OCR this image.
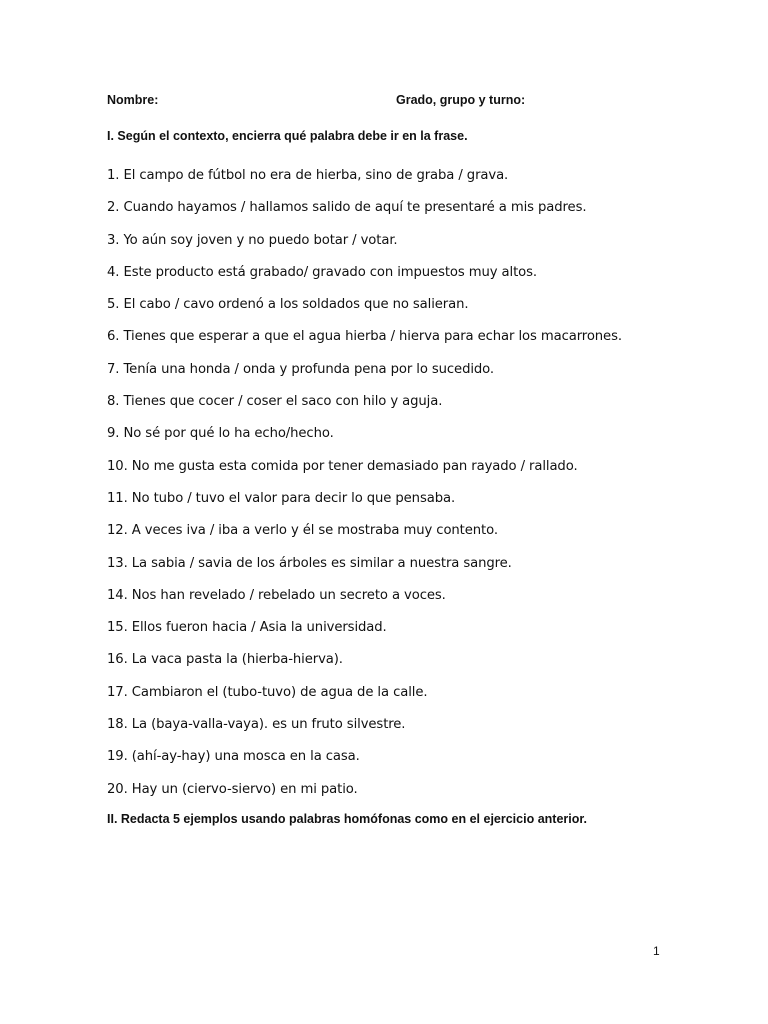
Nombre:	Grado, grupo y turno:
I. Según el contexto, encierra qué palabra debe ir en la frase.
1. El campo de fútbol no era de hierba, sino de graba / grava.
2. Cuando hayamos / hallamos salido de aquí te presentaré a mis padres.
3. Yo aún soy joven y no puedo botar / votar.
4. Este producto está grabado/ gravado con impuestos muy altos.
5. El cabo / cavo ordenó a los soldados que no salieran.
6. Tienes que esperar a que el agua hierba / hierva para echar los macarrones.
7. Tenía una honda / onda y profunda pena por lo sucedido.
8. Tienes que cocer / coser el saco con hilo y aguja.
9. No sé por qué lo ha echo/hecho.
10. No me gusta esta comida por tener demasiado pan rayado / rallado.
11. No tubo / tuvo el valor para decir lo que pensaba.
12. A veces iva / iba a verlo y él se mostraba muy contento.
13. La sabia / savia de los árboles es similar a nuestra sangre.
14. Nos han revelado / rebelado un secreto a voces.
15. Ellos fueron hacia / Asia la universidad.
16. La vaca pasta la (hierba-hierva).
17. Cambiaron el (tubo-tuvo) de agua de la calle.
18. La (baya-valla-vaya). es un fruto silvestre.
19. (ahí-ay-hay) una mosca en la casa.
20. Hay un (ciervo-siervo) en mi patio.
II. Redacta 5 ejemplos usando palabras homófonas como en el ejercicio anterior.
1
